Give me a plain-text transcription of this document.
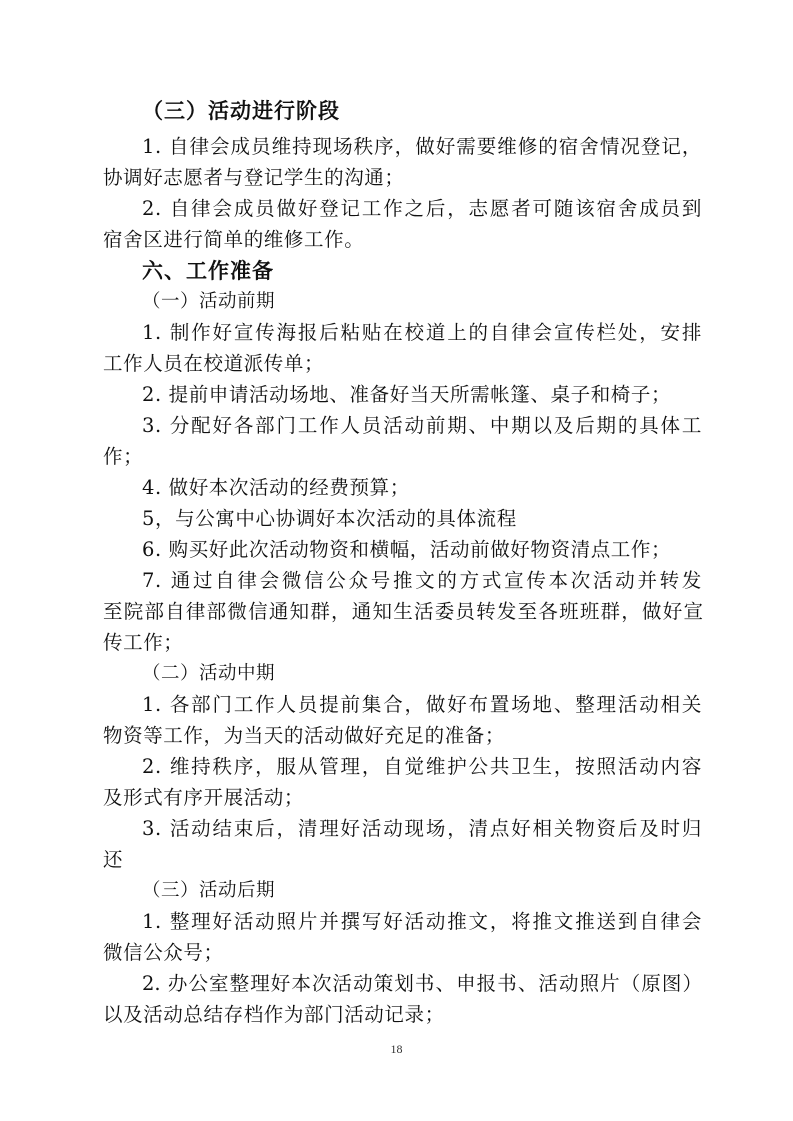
（三）活动进行阶段
1. 自律会成员维持现场秩序，做好需要维修的宿舍情况登记，
协调好志愿者与登记学生的沟通；
2. 自律会成员做好登记工作之后，志愿者可随该宿舍成员到
宿舍区进行简单的维修工作。
六、工作准备
（一）活动前期
1. 制作好宣传海报后粘贴在校道上的自律会宣传栏处，安排
工作人员在校道派传单；
2. 提前申请活动场地、准备好当天所需帐篷、桌子和椅子；
3. 分配好各部门工作人员活动前期、中期以及后期的具体工
作；
4. 做好本次活动的经费预算；
5，与公寓中心协调好本次活动的具体流程
6. 购买好此次活动物资和横幅，活动前做好物资清点工作；
7. 通过自律会微信公众号推文的方式宣传本次活动并转发
至院部自律部微信通知群，通知生活委员转发至各班班群，做好宣
传工作；
（二）活动中期
1. 各部门工作人员提前集合，做好布置场地、整理活动相关
物资等工作，为当天的活动做好充足的准备；
2. 维持秩序，服从管理，自觉维护公共卫生，按照活动内容
及形式有序开展活动；
3. 活动结束后，清理好活动现场，清点好相关物资后及时归
还
（三）活动后期
1. 整理好活动照片并撰写好活动推文，将推文推送到自律会
微信公众号；
2. 办公室整理好本次活动策划书、申报书、活动照片（原图）
以及活动总结存档作为部门活动记录；
18
